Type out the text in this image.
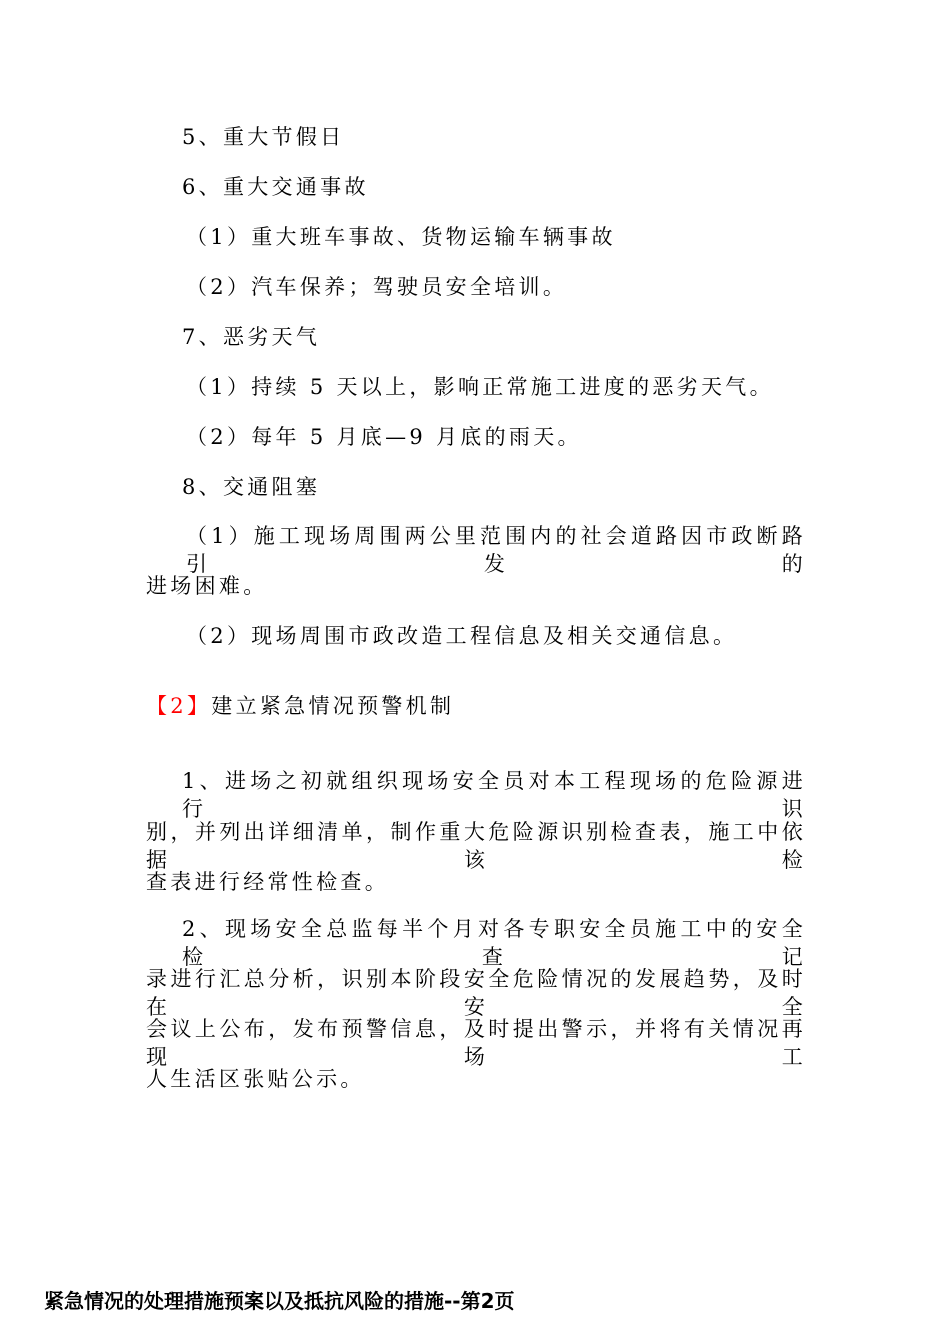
5、重大节假日
6、重大交通事故
（1）重大班车事故、货物运输车辆事故
（2）汽车保养；驾驶员安全培训。
7、恶劣天气
（1）持续 5 天以上，影响正常施工进度的恶劣天气。
（2）每年 5 月底—9 月底的雨天。
8、交通阻塞
（1）施工现场周围两公里范围内的社会道路因市政断路引发的
进场困难。
（2）现场周围市政改造工程信息及相关交通信息。
【2】建立紧急情况预警机制
1、进场之初就组织现场安全员对本工程现场的危险源进行识
别，并列出详细清单，制作重大危险源识别检查表，施工中依据该检
查表进行经常性检查。
2、现场安全总监每半个月对各专职安全员施工中的安全检查记
录进行汇总分析，识别本阶段安全危险情况的发展趋势，及时在安全
会议上公布，发布预警信息，及时提出警示，并将有关情况再现场工
人生活区张贴公示。
紧急情况的处理措施预案以及抵抗风险的措施--第2页
